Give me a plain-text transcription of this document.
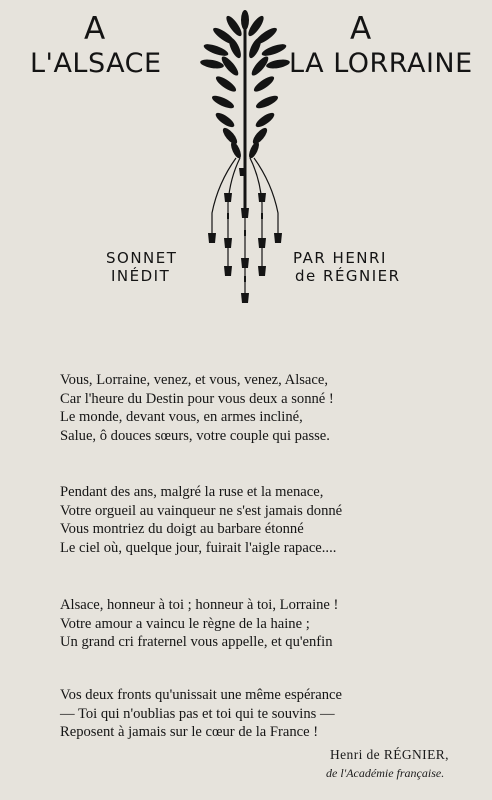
A
L'ALSACE
A
LA LORRAINE
SONNET
INÉDIT
PAR HENRI
de RÉGNIER
Vous, Lorraine, venez, et vous, venez, Alsace,
Car l'heure du Destin pour vous deux a sonné !
Le monde, devant vous, en armes incliné,
Salue, ô douces sœurs, votre couple qui passe.
Pendant des ans, malgré la ruse et la menace,
Votre orgueil au vainqueur ne s'est jamais donné
Vous montriez du doigt au barbare étonné
Le ciel où, quelque jour, fuirait l'aigle rapace....
Alsace, honneur à toi ; honneur à toi, Lorraine !
Votre amour a vaincu le règne de la haine ;
Un grand cri fraternel vous appelle, et qu'enfin
Vos deux fronts qu'unissait une même espérance
— Toi qui n'oublias pas et toi qui te souvins —
Reposent à jamais sur le cœur de la France !
Henri de RÉGNIER,
de l'Académie française.
